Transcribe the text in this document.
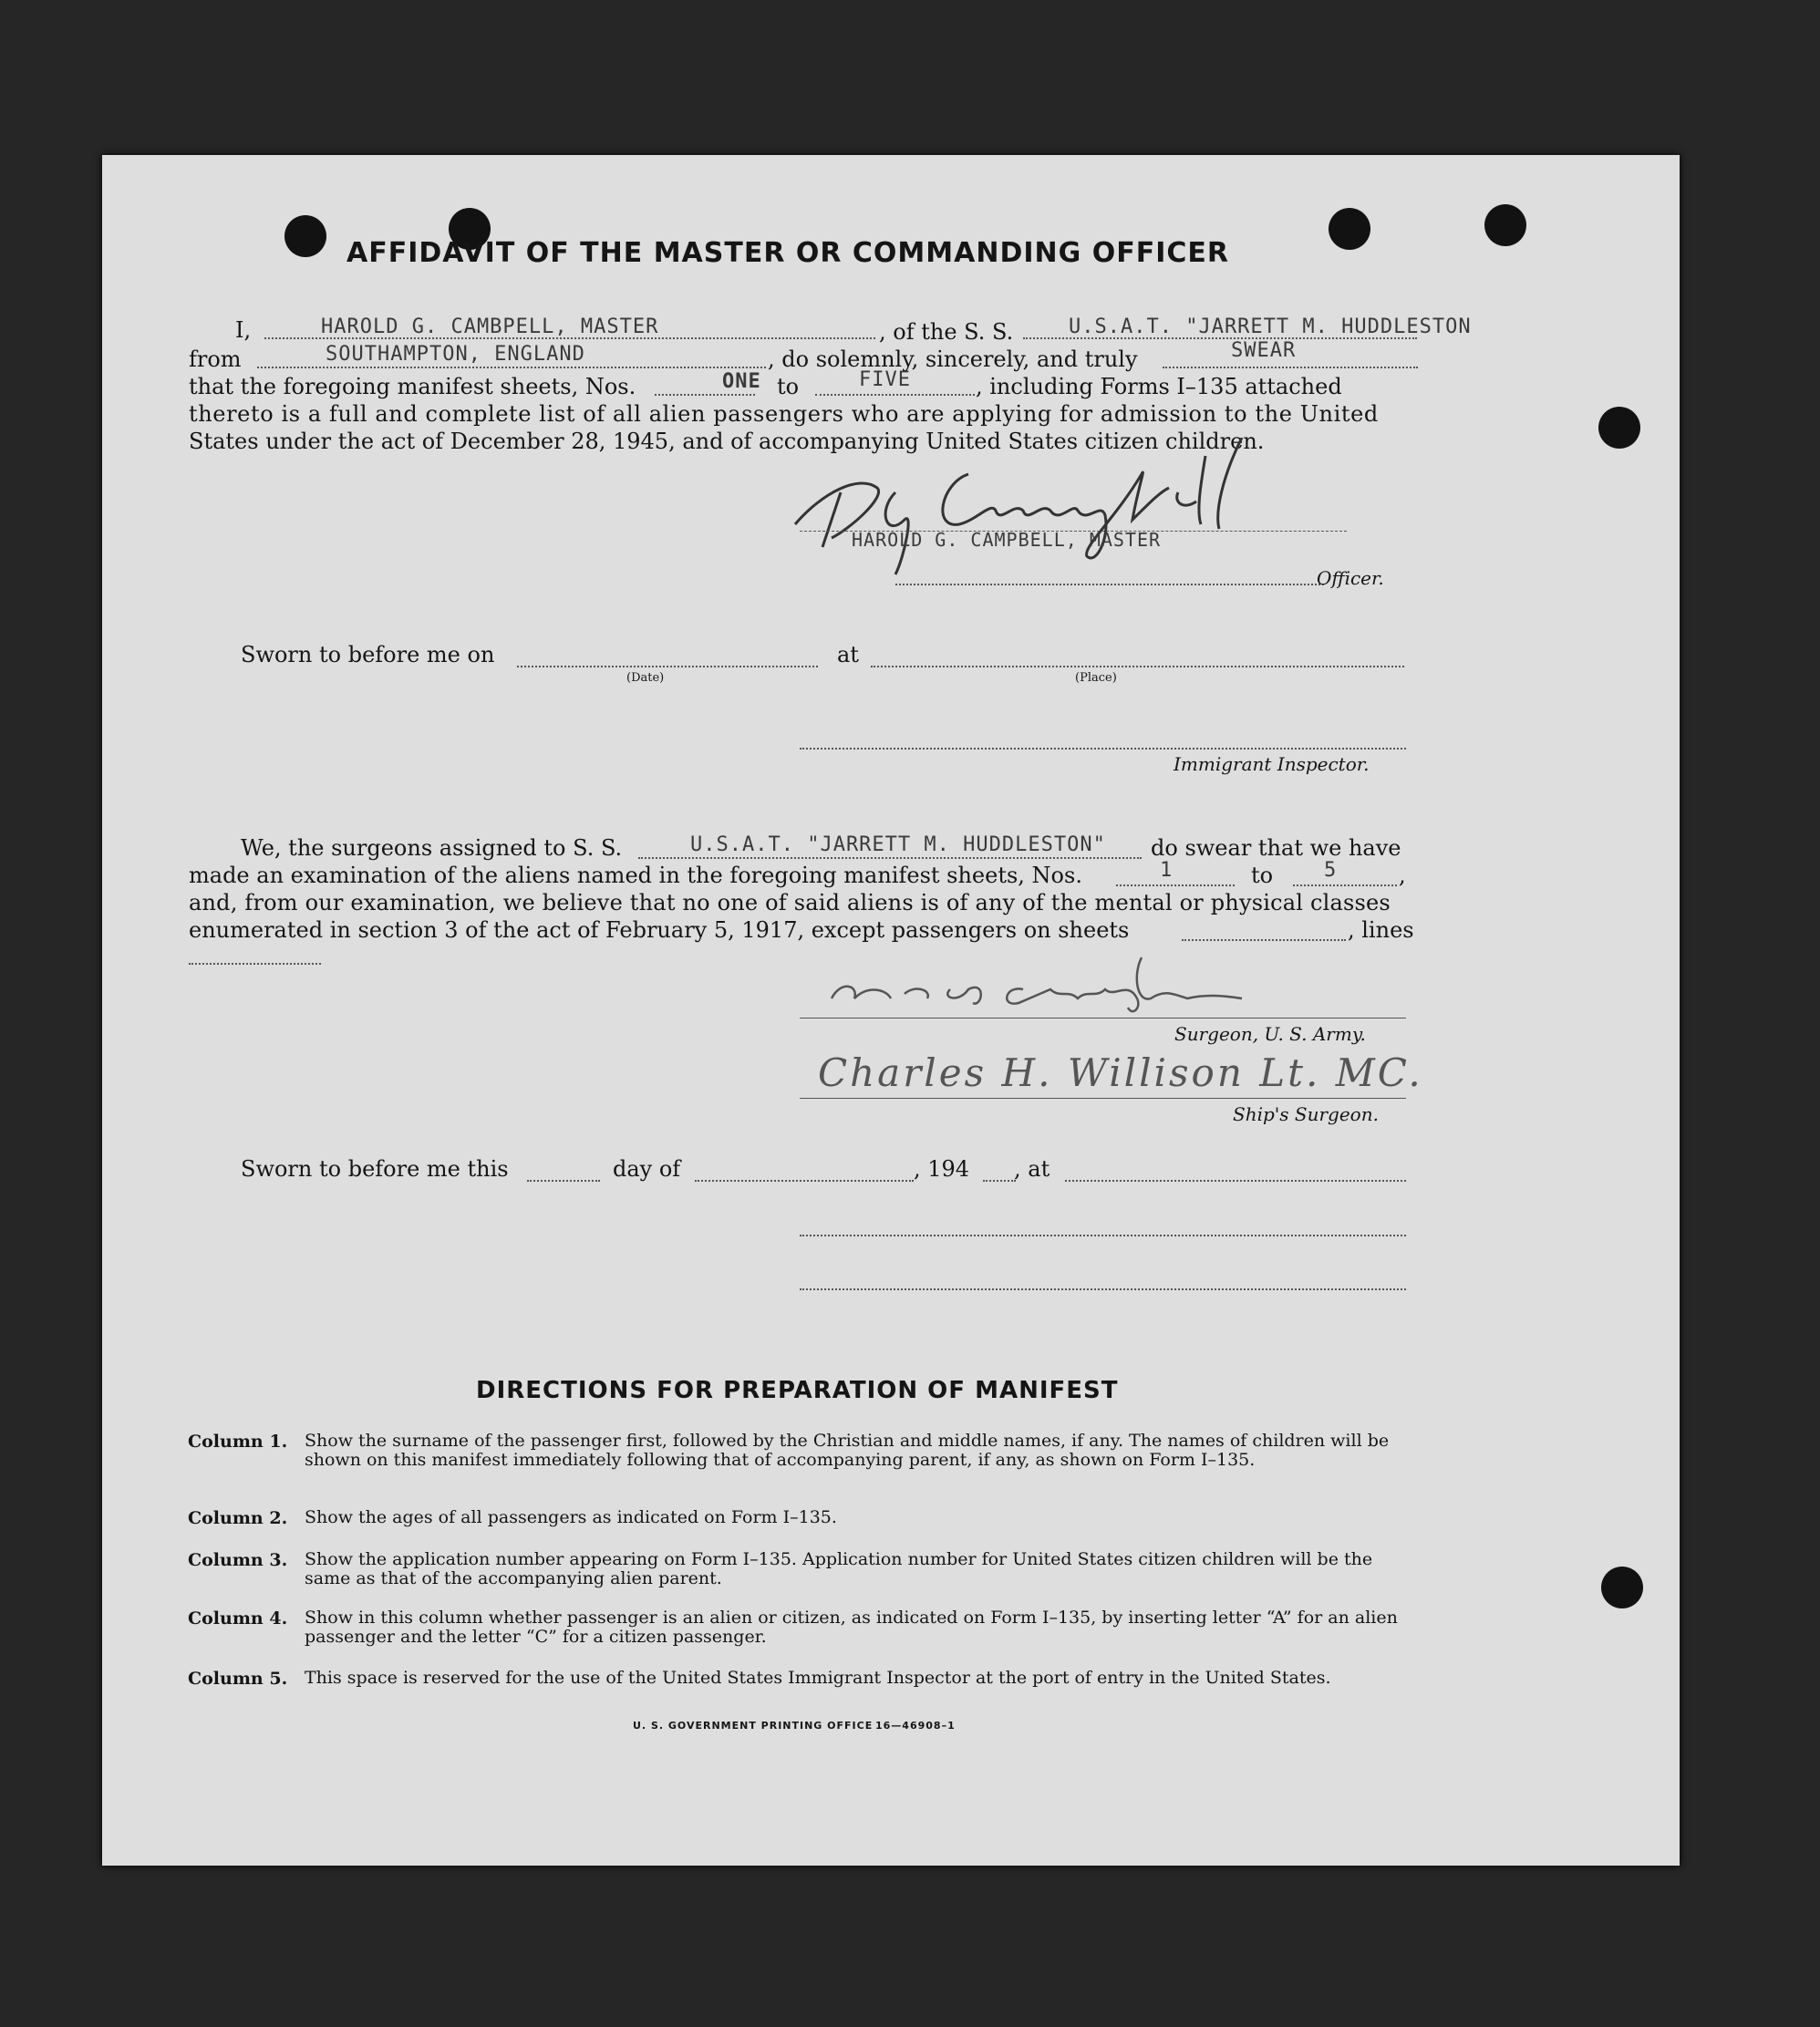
AFFIDAVIT OF THE MASTER OR COMMANDING OFFICER
I,	HAROLD G. CAMBPELL, MASTER	, of the S. S.	U.S.A.T. "JARRETT M. HUDDLESTON
from	SOUTHAMPTON, ENGLAND	, do solemnly, sincerely, and truly	SWEAR
that the foregoing manifest sheets, Nos.	ONE to	FIVE	, including Forms I–135 attached
thereto is a full and complete list of all alien passengers who are applying for admission to the United
States under the act of December 28, 1945, and of accompanying United States citizen children.
HAROLD G. CAMPBELL, MASTER
Officer.
Sworn to before me on
(Date)
at
(Place)
Immigrant Inspector.
We, the surgeons assigned to S. S.	U.S.A.T. "JARRETT M. HUDDLESTON" do swear that we have
made an examination of the aliens named in the foregoing manifest sheets, Nos.	1	to	5	,
and, from our examination, we believe that no one of said aliens is of any of the mental or physical classes
enumerated in section 3 of the act of February 5, 1917, except passengers on sheets	, lines
Surgeon, U. S. Army.
Charles H. Willison Lt. MC.
Ship's Surgeon.
Sworn to before me this	day of	, 194 , at
DIRECTIONS FOR PREPARATION OF MANIFEST
Column 1. Show the surname of the passenger first, followed by the Christian and middle names, if any. The names of children will be shown on this manifest immediately following that of accompanying parent, if any, as shown on Form I–135.
Column 2. Show the ages of all passengers as indicated on Form I–135.
Column 3. Show the application number appearing on Form I–135. Application number for United States citizen children will be the same as that of the accompanying alien parent.
Column 4. Show in this column whether passenger is an alien or citizen, as indicated on Form I–135, by inserting letter “A” for an alien passenger and the letter “C” for a citizen passenger.
Column 5. This space is reserved for the use of the United States Immigrant Inspector at the port of entry in the United States.
U. S. GOVERNMENT PRINTING OFFICE 16—46908–1
